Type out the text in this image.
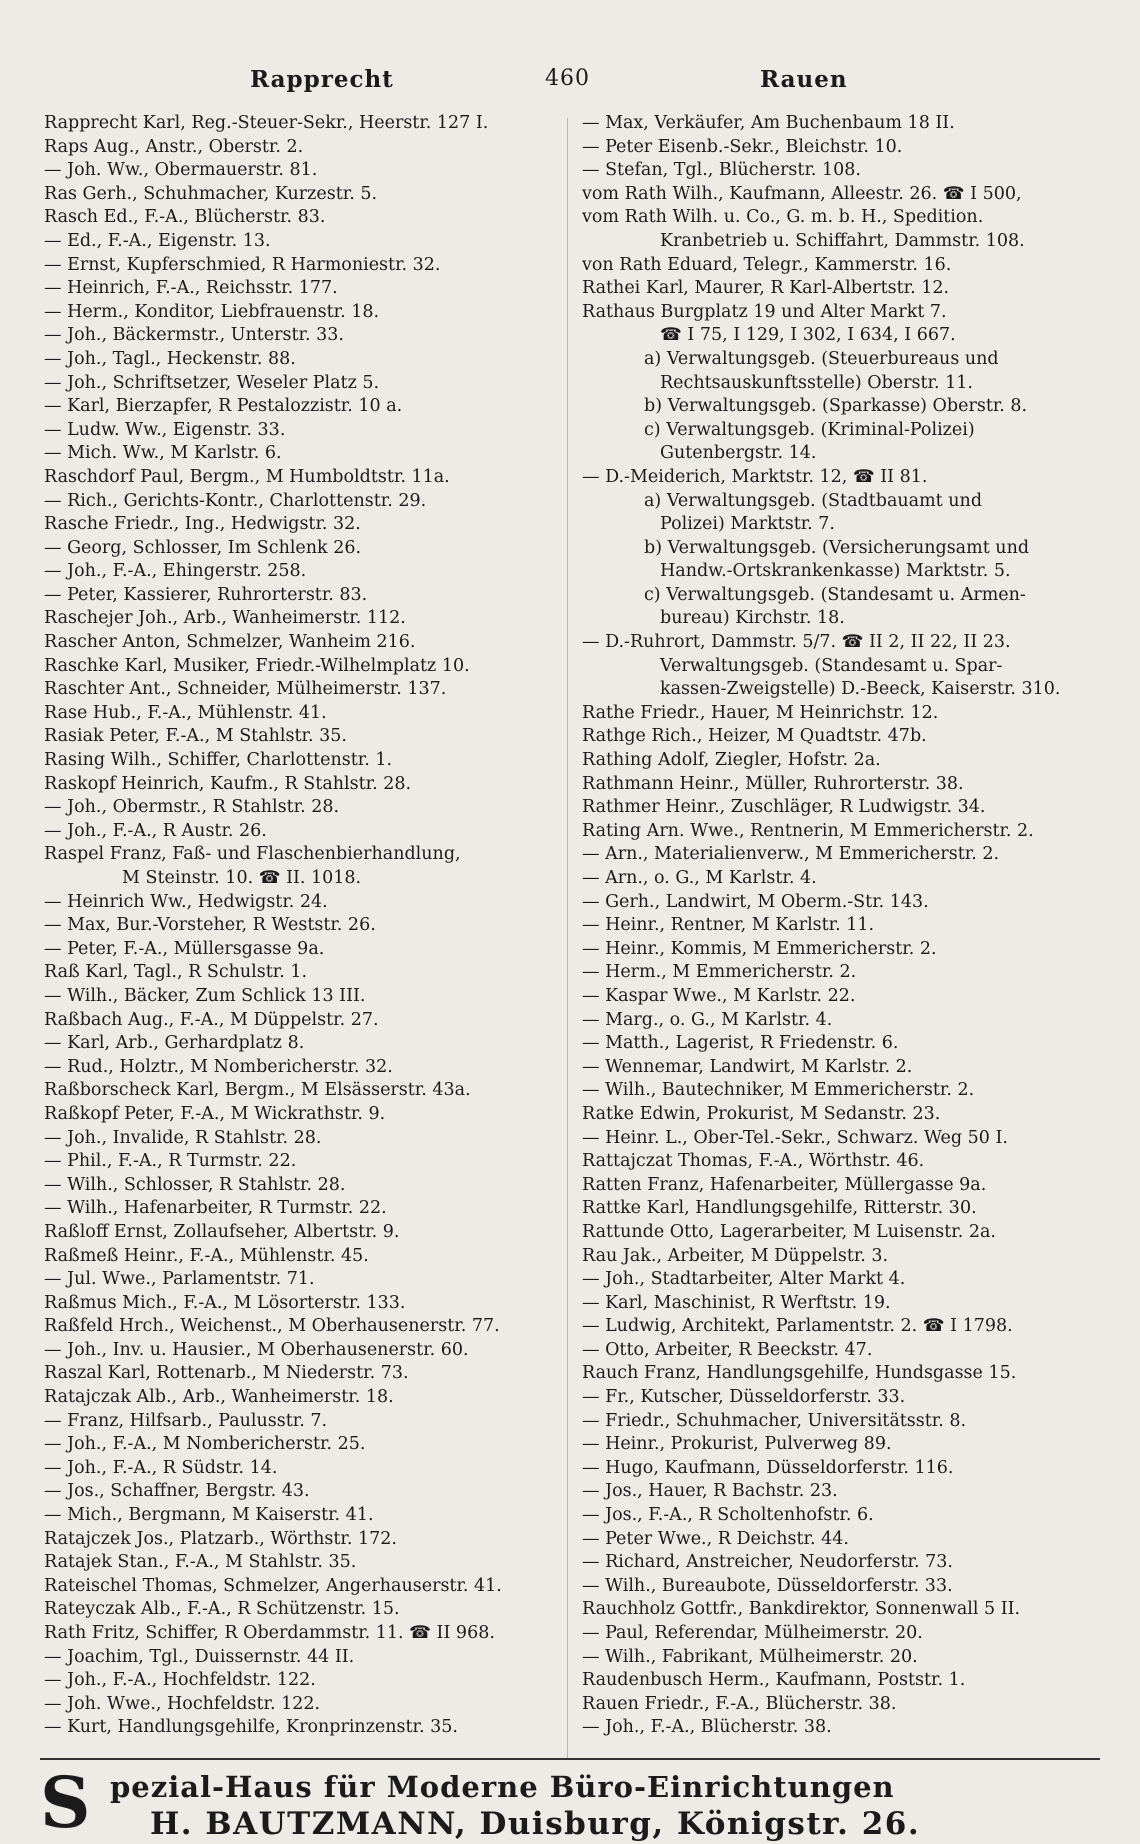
Rapprecht	460	Rauen
Rapprecht Karl, Reg.-Steuer-Sekr., Heerstr. 127 I.
Raps Aug., Anstr., Oberstr. 2.
— Joh. Ww., Obermauerstr. 81.
Ras Gerh., Schuhmacher, Kurzestr. 5.
Rasch Ed., F.-A., Blücherstr. 83.
— Ed., F.-A., Eigenstr. 13.
— Ernst, Kupferschmied, R Harmoniestr. 32.
— Heinrich, F.-A., Reichsstr. 177.
— Herm., Konditor, Liebfrauenstr. 18.
— Joh., Bäckermstr., Unterstr. 33.
— Joh., Tagl., Heckenstr. 88.
— Joh., Schriftsetzer, Weseler Platz 5.
— Karl, Bierzapfer, R Pestalozzistr. 10 a.
— Ludw. Ww., Eigenstr. 33.
— Mich. Ww., M Karlstr. 6.
Raschdorf Paul, Bergm., M Humboldtstr. 11a.
— Rich., Gerichts-Kontr., Charlottenstr. 29.
Rasche Friedr., Ing., Hedwigstr. 32.
— Georg, Schlosser, Im Schlenk 26.
— Joh., F.-A., Ehingerstr. 258.
— Peter, Kassierer, Ruhrorterstr. 83.
Raschejer Joh., Arb., Wanheimerstr. 112.
Rascher Anton, Schmelzer, Wanheim 216.
Raschke Karl, Musiker, Friedr.-Wilhelmplatz 10.
Raschter Ant., Schneider, Mülheimerstr. 137.
Rase Hub., F.-A., Mühlenstr. 41.
Rasiak Peter, F.-A., M Stahlstr. 35.
Rasing Wilh., Schiffer, Charlottenstr. 1.
Raskopf Heinrich, Kaufm., R Stahlstr. 28.
— Joh., Obermstr., R Stahlstr. 28.
— Joh., F.-A., R Austr. 26.
Raspel Franz, Faß- und Flaschenbierhandlung,
M Steinstr. 10. ☎ II. 1018.
— Heinrich Ww., Hedwigstr. 24.
— Max, Bur.-Vorsteher, R Weststr. 26.
— Peter, F.-A., Müllersgasse 9a.
Raß Karl, Tagl., R Schulstr. 1.
— Wilh., Bäcker, Zum Schlick 13 III.
Raßbach Aug., F.-A., M Düppelstr. 27.
— Karl, Arb., Gerhardplatz 8.
— Rud., Holztr., M Nombericherstr. 32.
Raßborscheck Karl, Bergm., M Elsässerstr. 43a.
Raßkopf Peter, F.-A., M Wickrathstr. 9.
— Joh., Invalide, R Stahlstr. 28.
— Phil., F.-A., R Turmstr. 22.
— Wilh., Schlosser, R Stahlstr. 28.
— Wilh., Hafenarbeiter, R Turmstr. 22.
Raßloff Ernst, Zollaufseher, Albertstr. 9.
Raßmeß Heinr., F.-A., Mühlenstr. 45.
— Jul. Wwe., Parlamentstr. 71.
Raßmus Mich., F.-A., M Lösorterstr. 133.
Raßfeld Hrch., Weichenst., M Oberhausenerstr. 77.
— Joh., Inv. u. Hausier., M Oberhausenerstr. 60.
Raszal Karl, Rottenarb., M Niederstr. 73.
Ratajczak Alb., Arb., Wanheimerstr. 18.
— Franz, Hilfsarb., Paulusstr. 7.
— Joh., F.-A., M Nombericherstr. 25.
— Joh., F.-A., R Südstr. 14.
— Jos., Schaffner, Bergstr. 43.
— Mich., Bergmann, M Kaiserstr. 41.
Ratajczek Jos., Platzarb., Wörthstr. 172.
Ratajek Stan., F.-A., M Stahlstr. 35.
Rateischel Thomas, Schmelzer, Angerhauserstr. 41.
Rateyczak Alb., F.-A., R Schützenstr. 15.
Rath Fritz, Schiffer, R Oberdammstr. 11. ☎ II 968.
— Joachim, Tgl., Duissernstr. 44 II.
— Joh., F.-A., Hochfeldstr. 122.
— Joh. Wwe., Hochfeldstr. 122.
— Kurt, Handlungsgehilfe, Kronprinzenstr. 35.
— Max, Verkäufer, Am Buchenbaum 18 II.
— Peter Eisenb.-Sekr., Bleichstr. 10.
— Stefan, Tgl., Blücherstr. 108.
vom Rath Wilh., Kaufmann, Alleestr. 26. ☎ I 500,
vom Rath Wilh. u. Co., G. m. b. H., Spedition.
Kranbetrieb u. Schiffahrt, Dammstr. 108.
von Rath Eduard, Telegr., Kammerstr. 16.
Rathei Karl, Maurer, R Karl-Albertstr. 12.
Rathaus Burgplatz 19 und Alter Markt 7.
☎ I 75, I 129, I 302, I 634, I 667.
a) Verwaltungsgeb. (Steuerbureaus und
Rechtsauskunftsstelle) Oberstr. 11.
b) Verwaltungsgeb. (Sparkasse) Oberstr. 8.
c) Verwaltungsgeb. (Kriminal-Polizei)
Gutenbergstr. 14.
— D.-Meiderich, Marktstr. 12, ☎ II 81.
a) Verwaltungsgeb. (Stadtbauamt und
Polizei) Marktstr. 7.
b) Verwaltungsgeb. (Versicherungsamt und
Handw.-Ortskrankenkasse) Marktstr. 5.
c) Verwaltungsgeb. (Standesamt u. Armen-
bureau) Kirchstr. 18.
— D.-Ruhrort, Dammstr. 5/7. ☎ II 2, II 22, II 23.
Verwaltungsgeb. (Standesamt u. Spar-
kassen-Zweigstelle) D.-Beeck, Kaiserstr. 310.
Rathe Friedr., Hauer, M Heinrichstr. 12.
Rathge Rich., Heizer, M Quadtstr. 47b.
Rathing Adolf, Ziegler, Hofstr. 2a.
Rathmann Heinr., Müller, Ruhrorterstr. 38.
Rathmer Heinr., Zuschläger, R Ludwigstr. 34.
Rating Arn. Wwe., Rentnerin, M Emmericherstr. 2.
— Arn., Materialienverw., M Emmericherstr. 2.
— Arn., o. G., M Karlstr. 4.
— Gerh., Landwirt, M Oberm.-Str. 143.
— Heinr., Rentner, M Karlstr. 11.
— Heinr., Kommis, M Emmericherstr. 2.
— Herm., M Emmericherstr. 2.
— Kaspar Wwe., M Karlstr. 22.
— Marg., o. G., M Karlstr. 4.
— Matth., Lagerist, R Friedenstr. 6.
— Wennemar, Landwirt, M Karlstr. 2.
— Wilh., Bautechniker, M Emmericherstr. 2.
Ratke Edwin, Prokurist, M Sedanstr. 23.
— Heinr. L., Ober-Tel.-Sekr., Schwarz. Weg 50 I.
Rattajczat Thomas, F.-A., Wörthstr. 46.
Ratten Franz, Hafenarbeiter, Müllergasse 9a.
Rattke Karl, Handlungsgehilfe, Ritterstr. 30.
Rattunde Otto, Lagerarbeiter, M Luisenstr. 2a.
Rau Jak., Arbeiter, M Düppelstr. 3.
— Joh., Stadtarbeiter, Alter Markt 4.
— Karl, Maschinist, R Werftstr. 19.
— Ludwig, Architekt, Parlamentstr. 2. ☎ I 1798.
— Otto, Arbeiter, R Beeckstr. 47.
Rauch Franz, Handlungsgehilfe, Hundsgasse 15.
— Fr., Kutscher, Düsseldorferstr. 33.
— Friedr., Schuhmacher, Universitätsstr. 8.
— Heinr., Prokurist, Pulverweg 89.
— Hugo, Kaufmann, Düsseldorferstr. 116.
— Jos., Hauer, R Bachstr. 23.
— Jos., F.-A., R Scholtenhofstr. 6.
— Peter Wwe., R Deichstr. 44.
— Richard, Anstreicher, Neudorferstr. 73.
— Wilh., Bureaubote, Düsseldorferstr. 33.
Rauchholz Gottfr., Bankdirektor, Sonnenwall 5 II.
— Paul, Referendar, Mülheimerstr. 20.
— Wilh., Fabrikant, Mülheimerstr. 20.
Raudenbusch Herm., Kaufmann, Poststr. 1.
Rauen Friedr., F.-A., Blücherstr. 38.
— Joh., F.-A., Blücherstr. 38.
S pezial-Haus für Moderne Büro-Einrichtungen
H. BAUTZMANN, Duisburg, Königstr. 26.
